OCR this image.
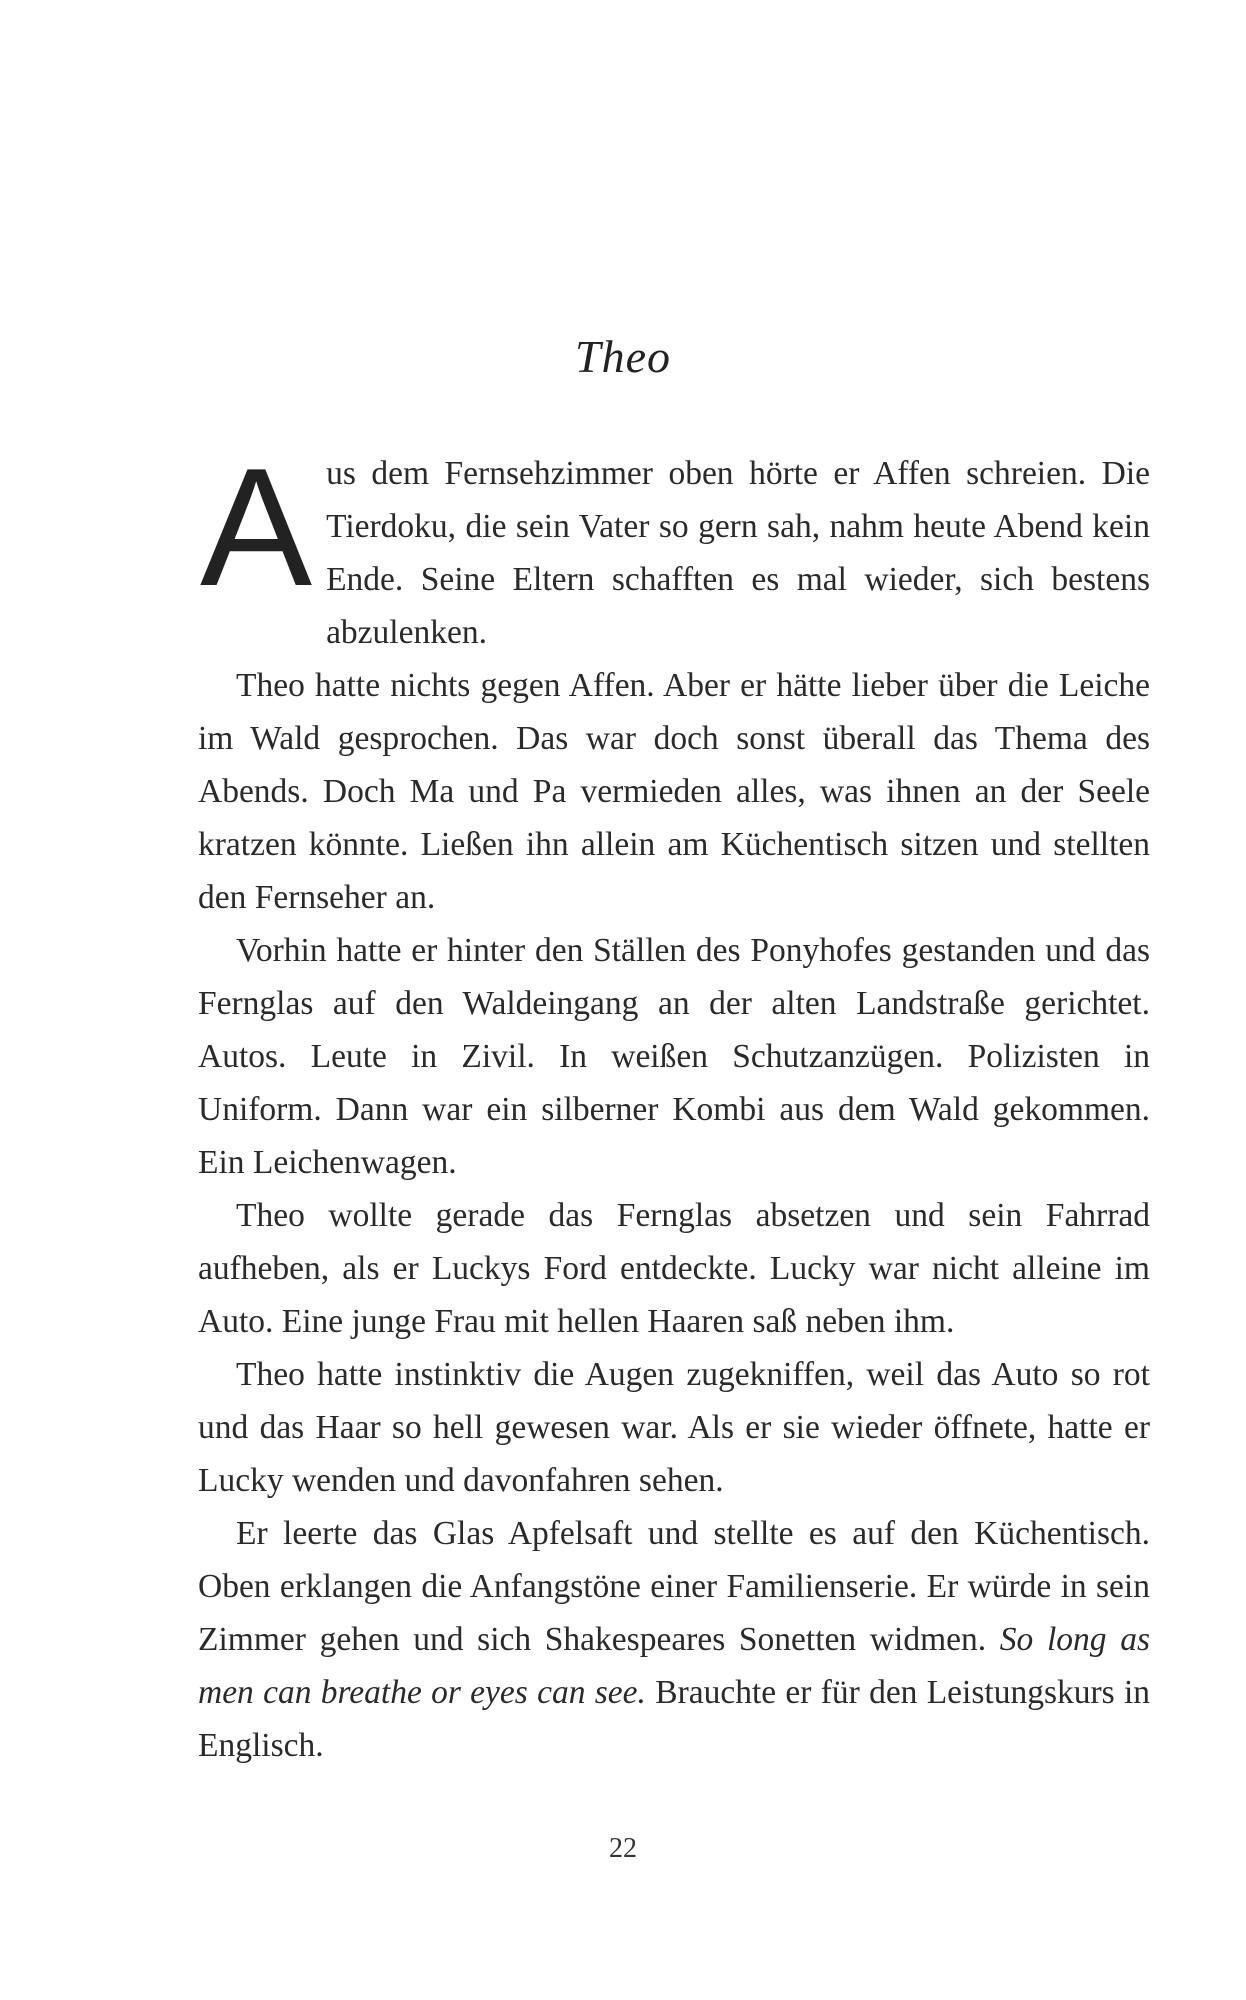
Theo

Aus dem Fernsehzimmer oben hörte er Affen schreien. Die Tierdoku, die sein Vater so gern sah, nahm heute Abend kein Ende. Seine Eltern schafften es mal wieder, sich bestens abzulenken.

Theo hatte nichts gegen Affen. Aber er hätte lieber über die Leiche im Wald gesprochen. Das war doch sonst überall das Thema des Abends. Doch Ma und Pa vermieden alles, was ihnen an der Seele kratzen könnte. Ließen ihn allein am Küchentisch sitzen und stellten den Fernseher an.

Vorhin hatte er hinter den Ställen des Ponyhofes gestanden und das Fernglas auf den Waldeingang an der alten Landstraße gerichtet. Autos. Leute in Zivil. In weißen Schutzanzügen. Polizisten in Uniform. Dann war ein silberner Kombi aus dem Wald gekommen. Ein Leichenwagen.

Theo wollte gerade das Fernglas absetzen und sein Fahrrad aufheben, als er Luckys Ford entdeckte. Lucky war nicht alleine im Auto. Eine junge Frau mit hellen Haaren saß neben ihm.

Theo hatte instinktiv die Augen zugekniffen, weil das Auto so rot und das Haar so hell gewesen war. Als er sie wieder öffnete, hatte er Lucky wenden und davonfahren sehen.

Er leerte das Glas Apfelsaft und stellte es auf den Küchentisch. Oben erklangen die Anfangstöne einer Familienserie. Er würde in sein Zimmer gehen und sich Shakespeares Sonetten widmen. So long as men can breathe or eyes can see. Brauchte er für den Leistungskurs in Englisch.

22
